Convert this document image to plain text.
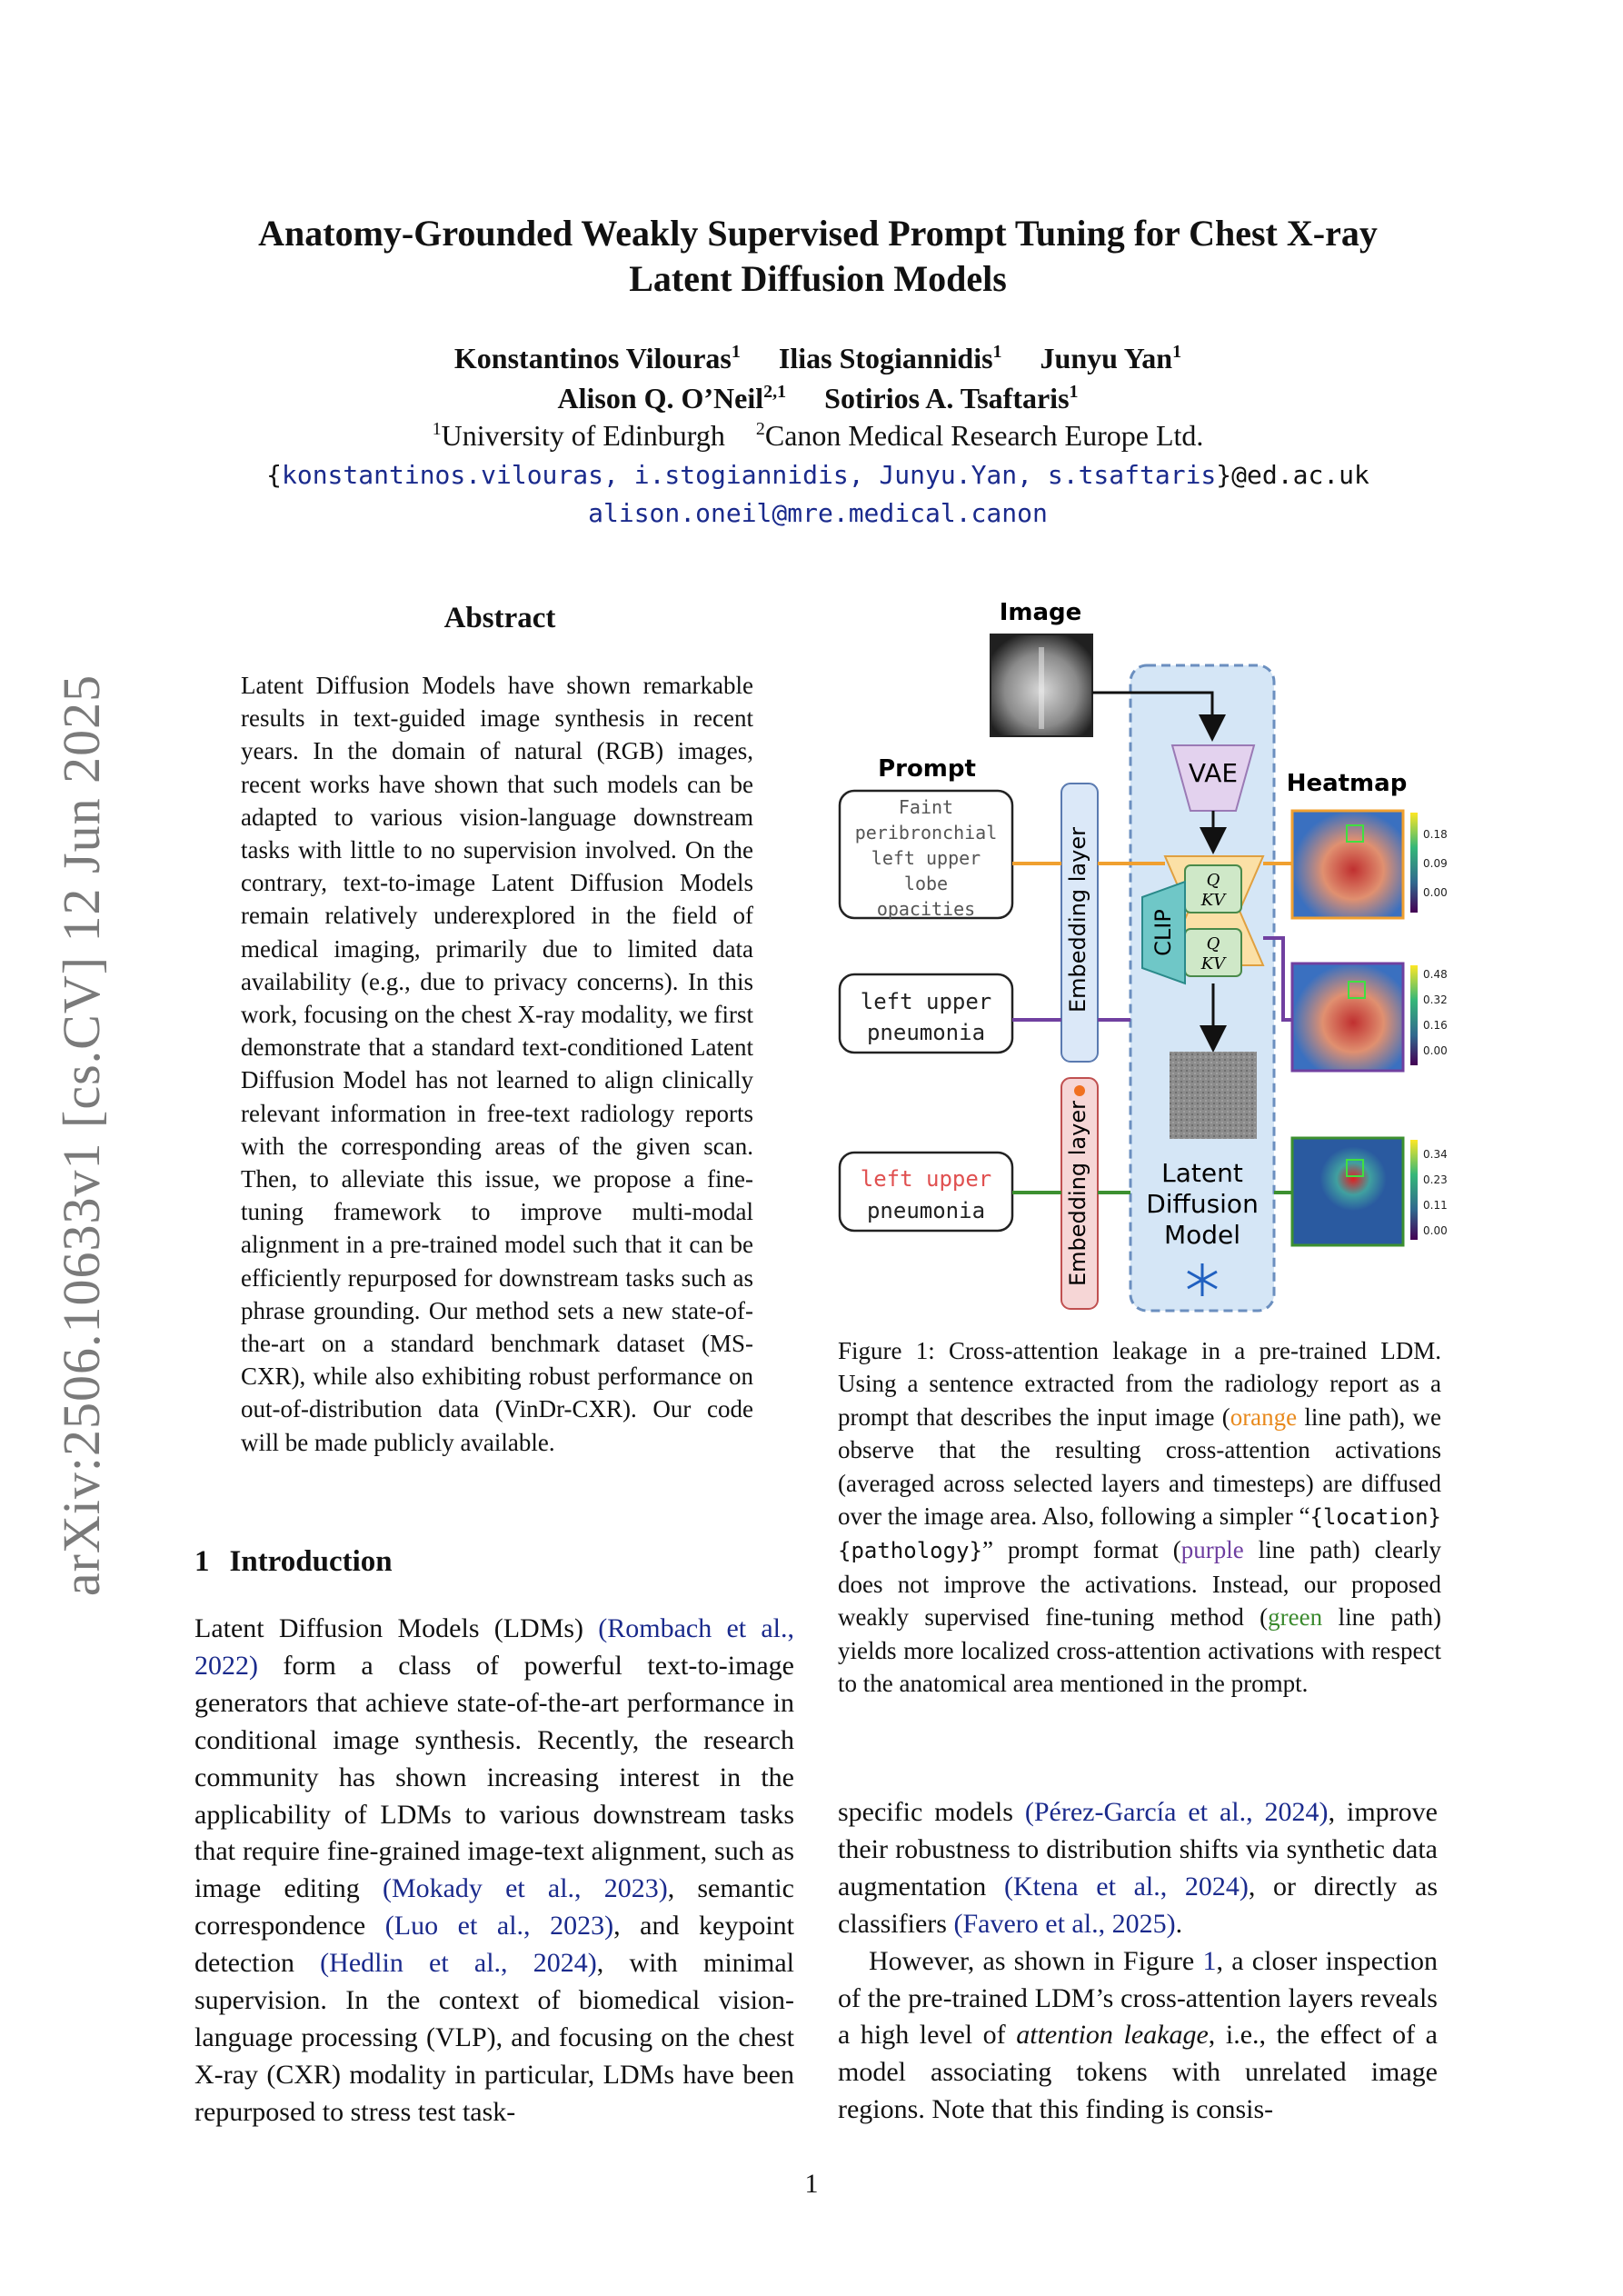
Anatomy-Grounded Weakly Supervised Prompt Tuning for Chest X-ray
Latent Diffusion Models
Konstantinos Vilouras$^1$ Ilias Stogiannidis$^1$ Junyu Yan$^1$
Alison Q. O’Neil$^{2,1}$ Sotirios A. Tsaftaris$^1$
$^1$University of Edinburgh $^2$Canon Medical Research Europe Ltd.
{konstantinos.vilouras, i.stogiannidis, Junyu.Yan, s.tsaftaris}@ed.ac.uk
alison.oneil@mre.medical.canon
arXiv:2506.10633v1 [cs.CV] 12 Jun 2025
Abstract
Latent Diffusion Models have shown remarkable results in text-guided image synthesis in recent years. In the domain of natural (RGB) images, recent works have shown that such models can be adapted to various vision-language downstream tasks with little to no supervision involved. On the contrary, text-to-image Latent Diffusion Models remain relatively underexplored in the field of medical imaging, primarily due to limited data availability (e.g., due to privacy concerns). In this work, focusing on the chest X-ray modality, we first demonstrate that a standard text-conditioned Latent Diffusion Model has not learned to align clinically relevant information in free-text radiology reports with the corresponding areas of the given scan. Then, to alleviate this issue, we propose a fine-tuning framework to improve multi-modal alignment in a pre-trained model such that it can be efficiently repurposed for downstream tasks such as phrase grounding. Our method sets a new state-of-the-art on a standard benchmark dataset (MS-CXR), while also exhibiting robust performance on out-of-distribution data (VinDr-CXR). Our code will be made publicly available.
1 Introduction
Latent Diffusion Models (LDMs) (Rombach et al., 2022) form a class of powerful text-to-image generators that achieve state-of-the-art performance in conditional image synthesis. Recently, the research community has shown increasing interest in the applicability of LDMs to various downstream tasks that require fine-grained image-text alignment, such as image editing (Mokady et al., 2023), semantic correspondence (Luo et al., 2023), and keypoint detection (Hedlin et al., 2024), with minimal supervision. In the context of biomedical vision-language processing (VLP), and focusing on the chest X-ray (CXR) modality in particular, LDMs have been repurposed to stress test task-
specific models (Pérez-García et al., 2024), improve their robustness to distribution shifts via synthetic data augmentation (Ktena et al., 2024), or directly as classifiers (Favero et al., 2025).
However, as shown in Figure 1, a closer inspection of the pre-trained LDM’s cross-attention layers reveals a high level of attention leakage, i.e., the effect of a model associating tokens with unrelated image regions. Note that this finding is consis-
Image
VAE
Q
KV
Q
KV
CLIP
Latent
Diffusion
Model
Prompt
Faint
peribronchial
left upper
lobe
opacities
left upper
pneumonia
left upper
pneumonia
Embedding layer
Embedding layer
Heatmap
0.18
0.09
0.00
0.48
0.32
0.16
0.00
0.34
0.23
0.11
0.00
Figure 1: Cross-attention leakage in a pre-trained LDM. Using a sentence extracted from the radiology report as a prompt that describes the input image (orange line path), we observe that the resulting cross-attention activations (averaged across selected layers and timesteps) are diffused over the image area. Also, following a simpler “{location} {pathology}” prompt format (purple line path) clearly does not improve the activations. Instead, our proposed weakly supervised fine-tuning method (green line path) yields more localized cross-attention activations with respect to the anatomical area mentioned in the prompt.
1
